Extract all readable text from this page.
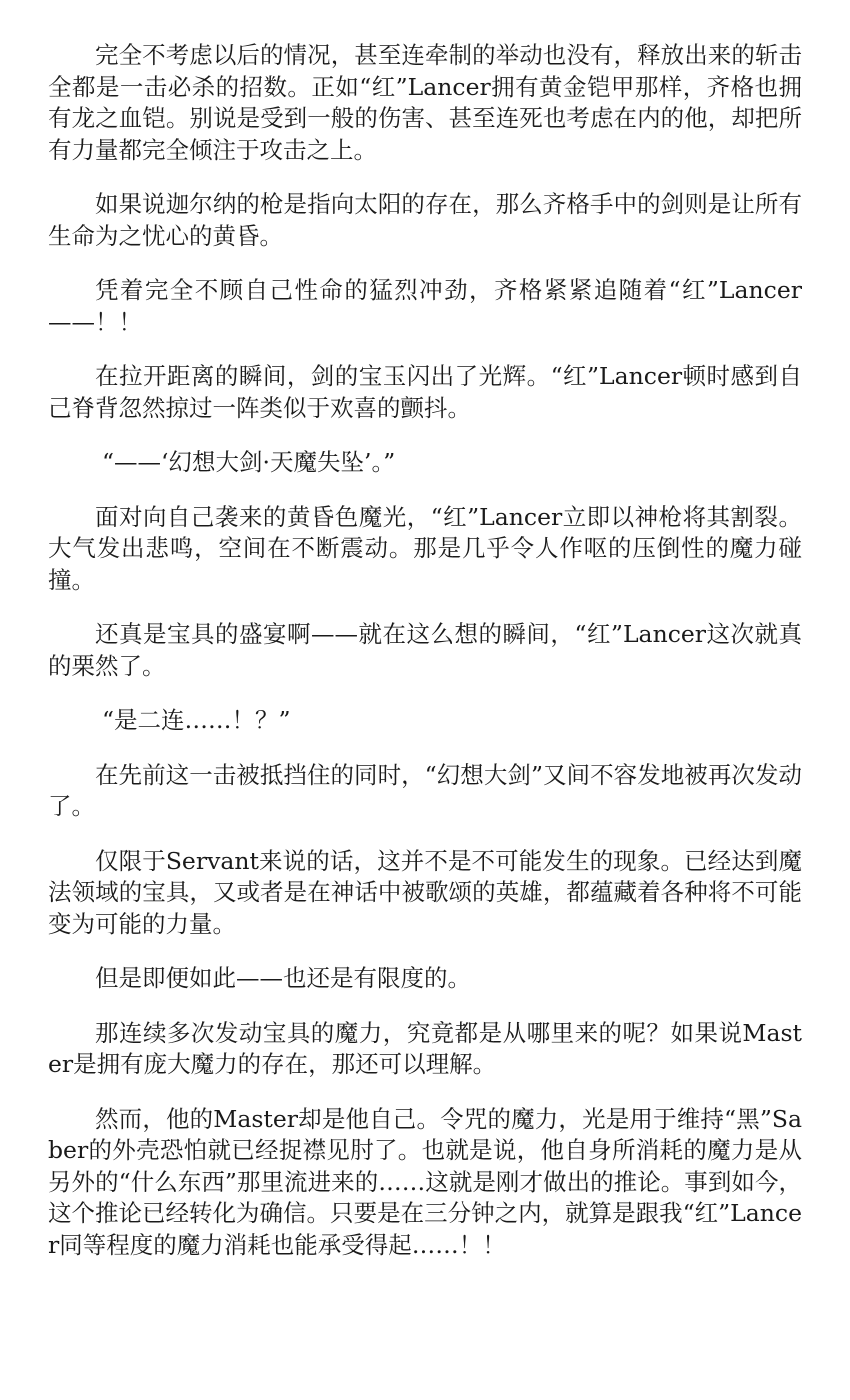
完全不考虑以后的情况，甚至连牵制的举动也没有，释放出来的斩击全都是一击必杀的招数。正如“红”Lancer拥有黄金铠甲那样，齐格也拥有龙之血铠。别说是受到一般的伤害、甚至连死也考虑在内的他，却把所有力量都完全倾注于攻击之上。

如果说迦尔纳的枪是指向太阳的存在，那么齐格手中的剑则是让所有生命为之忧心的黄昏。

凭着完全不顾自己性命的猛烈冲劲，齐格紧紧追随着“红”Lancer——！！

在拉开距离的瞬间，剑的宝玉闪出了光辉。“红”Lancer顿时感到自己脊背忽然掠过一阵类似于欢喜的颤抖。

“——‘幻想大剑·天魔失坠’。”

面对向自己袭来的黄昏色魔光，“红”Lancer立即以神枪将其割裂。大气发出悲鸣，空间在不断震动。那是几乎令人作呕的压倒性的魔力碰撞。

还真是宝具的盛宴啊——就在这么想的瞬间，“红”Lancer这次就真的栗然了。

“是二连……！？”

在先前这一击被抵挡住的同时，“幻想大剑”又间不容发地被再次发动了。

仅限于Servant来说的话，这并不是不可能发生的现象。已经达到魔法领域的宝具，又或者是在神话中被歌颂的英雄，都蕴藏着各种将不可能变为可能的力量。

但是即便如此——也还是有限度的。

那连续多次发动宝具的魔力，究竟都是从哪里来的呢？如果说Master是拥有庞大魔力的存在，那还可以理解。

然而，他的Master却是他自己。令咒的魔力，光是用于维持“黑”Saber的外壳恐怕就已经捉襟见肘了。也就是说，他自身所消耗的魔力是从另外的“什么东西”那里流进来的……这就是刚才做出的推论。事到如今，这个推论已经转化为确信。只要是在三分钟之内，就算是跟我“红”Lancer同等程度的魔力消耗也能承受得起……！！
